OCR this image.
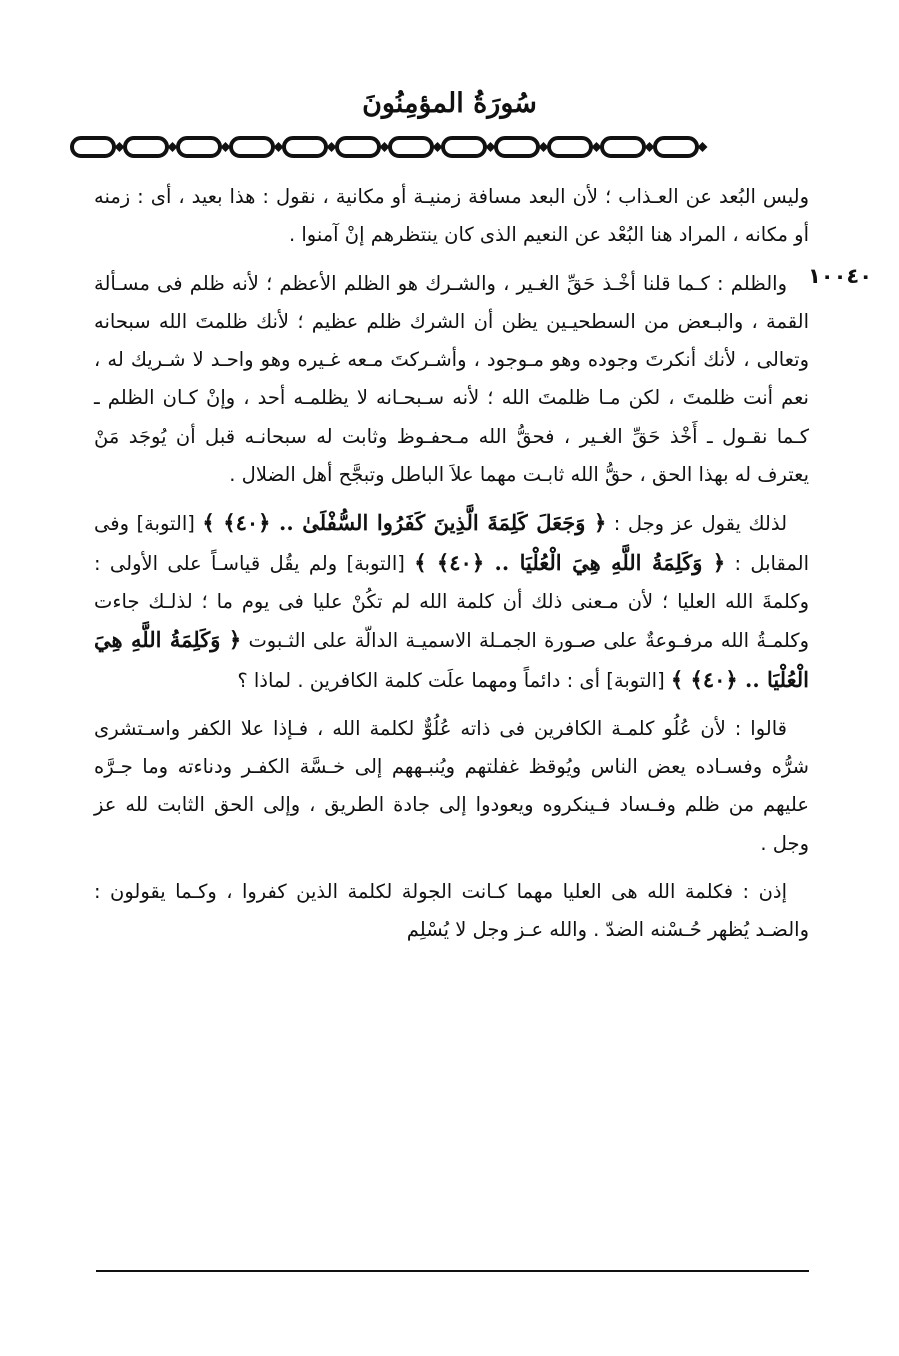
سُورَةُ المؤمِنُونَ
١٠٠٤٠

وليس البُعد عن العـذاب ؛ لأن البعد مسافة زمنيـة أو مكانية ، نقول : هذا بعيد ، أى : زمنه أو مكانه ، المراد هنا البُعْد عن النعيم الذى كان ينتظرهم إنْ آمنوا .

والظلم : كـما قلنا أخْـذ حَقِّ الغـير ، والشـرك هو الظلم الأعظم ؛ لأنه ظلم فى مسـألة القمة ، والبـعض من السطحيـين يظن أن الشرك ظلم عظيم ؛ لأنك ظلمتَ الله سبحانه وتعالى ، لأنك أنكرتَ وجوده وهو مـوجود ، وأشـركتَ مـعه غـيره وهو واحـد لا شـريك له ، نعم أنت ظلمتَ ، لكن مـا ظلمتَ الله ؛ لأنه سـبحـانه لا يظلمـه أحد ، وإنْ كـان الظلم ـ كـما نقـول ـ أَخْذ حَقِّ الغـير ، فحقُّ الله مـحفـوظ وثابت له سبحانـه قبل أن يُوجَد مَنْ يعترف له بهذا الحق ، حقُّ الله ثابـت مهما علاَ الباطل وتبجَّح أهل الضلال .

لذلك يقول عز وجل : ﴿ وَجَعَلَ كَلِمَةَ الَّذِينَ كَفَرُوا السُّفْلَىٰ .. ﴿٤٠﴾ ﴾ [التوبة] وفى المقابل : ﴿ وَكَلِمَةُ اللَّهِ هِيَ الْعُلْيَا .. ﴿٤٠﴾ ﴾ [التوبة] ولم يقُل قياسـاً على الأولى : وكلمةَ الله العليا ؛ لأن مـعنى ذلك أن كلمة الله لم تكُنْ عليا فى يوم ما ؛ لذلـك جاءت وكلمـةُ الله مرفـوعةٌ على صـورة الجمـلة الاسميـة الدالّة على الثـبوت ﴿ وَكَلِمَةُ اللَّهِ هِيَ الْعُلْيَا .. ﴿٤٠﴾ ﴾ [التوبة] أى : دائماً ومهما علَت كلمة الكافرين . لماذا ؟

قالوا : لأن عُلُو كلمـة الكافرين فى ذاته عُلُوٌّ لكلمة الله ، فـإذا علا الكفر واسـتشرى شرُّه وفسـاده يعض الناس ويُوقظ غفلتهم ويُنبـههم إلى خـسَّة الكفـر ودناءته وما جـرَّه عليهم من ظلم وفـساد فـينكروه ويعودوا إلى جادة الطريق ، وإلى الحق الثابت لله عز وجل .

إذن : فكلمة الله هى العليا مهما كـانت الجولة لكلمة الذين كفروا ، وكـما يقولون : والضـد يُظهر حُـسْنه الضدّ . والله عـز وجل لا يُسْلِم
